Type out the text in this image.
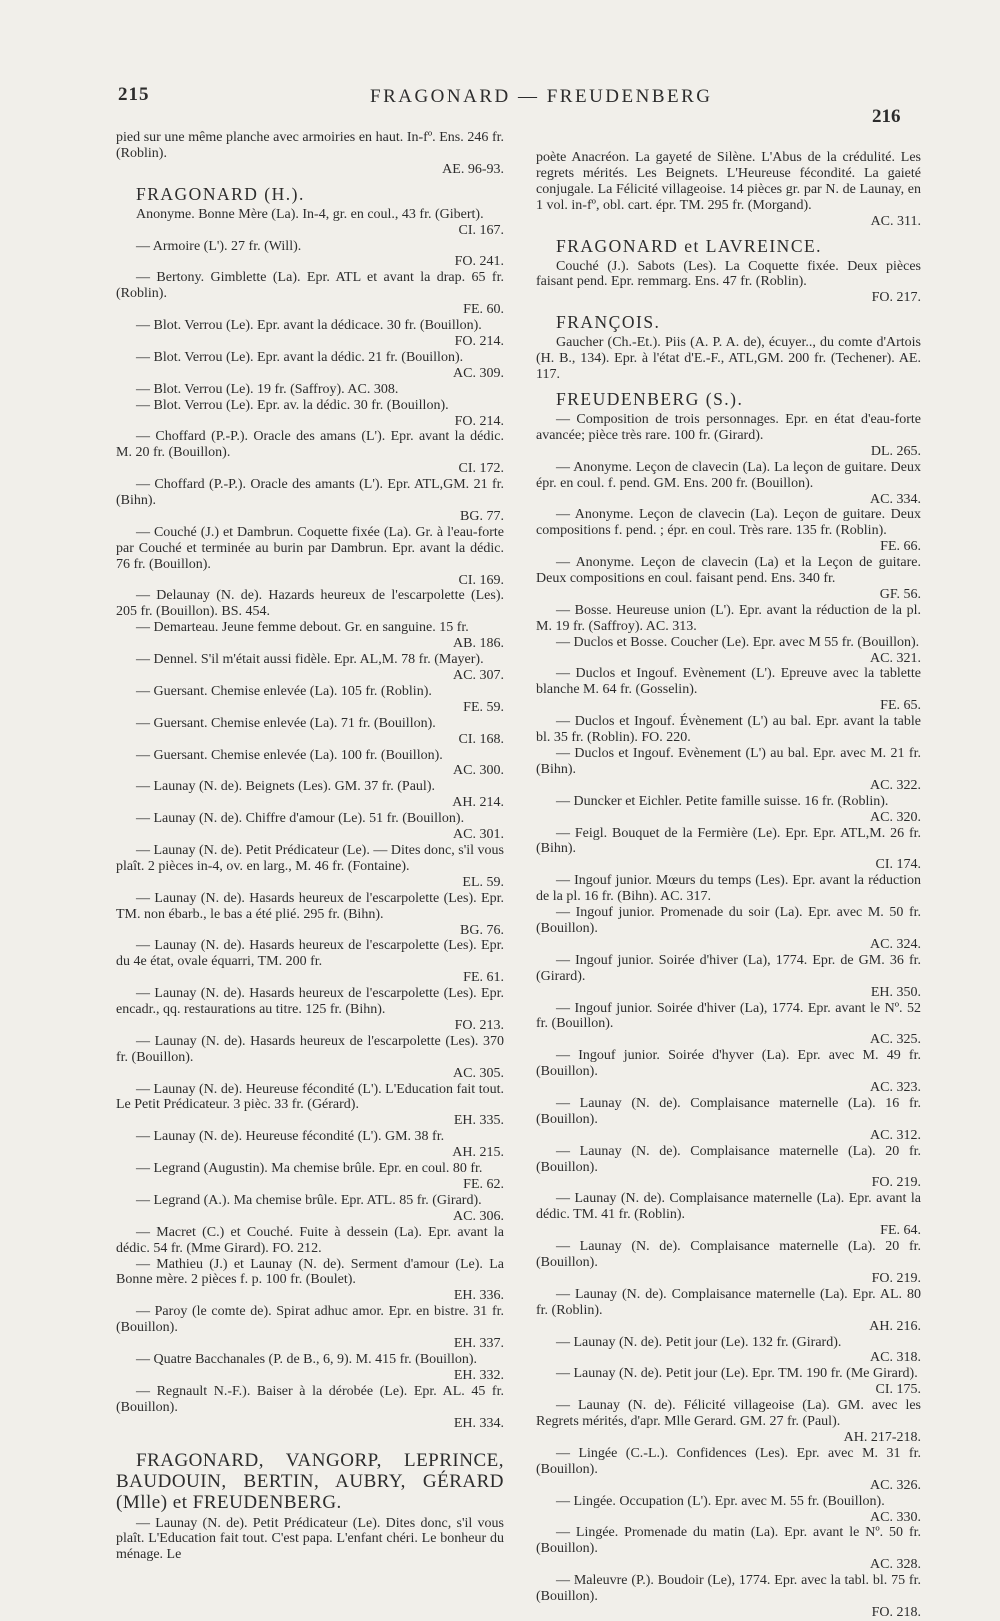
215	FRAGONARD — FREUDENBERG
216

pied sur une même planche avec armoiries en haut. In-fº. Ens. 246 fr. (Roblin).
AE. 96-93.

FRAGONARD (H.).

Anonyme. Bonne Mère (La). In-4, gr. en coul., 43 fr. (Gibert).
CI. 167.

— Armoire (L'). 27 fr. (Will).
FO. 241.

— Bertony. Gimblette (La). Epr. ATL et avant la drap. 65 fr. (Roblin).
FE. 60.

— Blot. Verrou (Le). Epr. avant la dédicace. 30 fr. (Bouillon).
FO. 214.

— Blot. Verrou (Le). Epr. avant la dédic. 21 fr. (Bouillon).
AC. 309.

— Blot. Verrou (Le). 19 fr. (Saffroy). AC. 308.

— Blot. Verrou (Le). Epr. av. la dédic. 30 fr. (Bouillon).
FO. 214.

— Choffard (P.-P.). Oracle des amans (L'). Epr. avant la dédic. M. 20 fr. (Bouillon).
CI. 172.

— Choffard (P.-P.). Oracle des amants (L'). Epr. ATL,GM. 21 fr. (Bihn).
BG. 77.

— Couché (J.) et Dambrun. Coquette fixée (La). Gr. à l'eau-forte par Couché et terminée au burin par Dambrun. Epr. avant la dédic. 76 fr. (Bouillon).
CI. 169.

— Delaunay (N. de). Hazards heureux de l'escarpolette (Les). 205 fr. (Bouillon). BS. 454.

— Demarteau. Jeune femme debout. Gr. en sanguine. 15 fr.
AB. 186.

— Dennel. S'il m'était aussi fidèle. Epr. AL,M. 78 fr. (Mayer).
AC. 307.

— Guersant. Chemise enlevée (La). 105 fr. (Roblin).
FE. 59.

— Guersant. Chemise enlevée (La). 71 fr. (Bouillon).
CI. 168.

— Guersant. Chemise enlevée (La). 100 fr. (Bouillon).
AC. 300.

— Launay (N. de). Beignets (Les). GM. 37 fr. (Paul).
AH. 214.

— Launay (N. de). Chiffre d'amour (Le). 51 fr. (Bouillon).
AC. 301.

— Launay (N. de). Petit Prédicateur (Le). — Dites donc, s'il vous plaît. 2 pièces in-4, ov. en larg., M. 46 fr. (Fontaine).
EL. 59.

— Launay (N. de). Hasards heureux de l'escarpolette (Les). Epr. TM. non ébarb., le bas a été plié. 295 fr. (Bihn).
BG. 76.

— Launay (N. de). Hasards heureux de l'escarpolette (Les). Epr. du 4e état, ovale équarri, TM. 200 fr.
FE. 61.

— Launay (N. de). Hasards heureux de l'escarpolette (Les). Epr. encadr., qq. restaurations au titre. 125 fr. (Bihn).
FO. 213.

— Launay (N. de). Hasards heureux de l'escarpolette (Les). 370 fr. (Bouillon).
AC. 305.

— Launay (N. de). Heureuse fécondité (L'). L'Education fait tout. Le Petit Prédicateur. 3 pièc. 33 fr. (Gérard).
EH. 335.

— Launay (N. de). Heureuse fécondité (L'). GM. 38 fr.
AH. 215.

— Legrand (Augustin). Ma chemise brûle. Epr. en coul. 80 fr.
FE. 62.

— Legrand (A.). Ma chemise brûle. Epr. ATL. 85 fr. (Girard).
AC. 306.

— Macret (C.) et Couché. Fuite à dessein (La). Epr. avant la dédic. 54 fr. (Mme Girard). FO. 212.

— Mathieu (J.) et Launay (N. de). Serment d'amour (Le). La Bonne mère. 2 pièces f. p. 100 fr. (Boulet).
EH. 336.

— Paroy (le comte de). Spirat adhuc amor. Epr. en bistre. 31 fr. (Bouillon).
EH. 337.

— Quatre Bacchanales (P. de B., 6, 9). M. 415 fr. (Bouillon).
EH. 332.

— Regnault N.-F.). Baiser à la dérobée (Le). Epr. AL. 45 fr. (Bouillon).
EH. 334.

FRAGONARD, VANGORP, LEPRINCE, BAUDOUIN, BERTIN, AUBRY, GÉRARD (Mlle) et FREUDENBERG.

— Launay (N. de). Petit Prédicateur (Le). Dites donc, s'il vous plaît. L'Education fait tout. C'est papa. L'enfant chéri. Le bonheur du ménage. Le

poète Anacréon. La gayeté de Silène. L'Abus de la crédulité. Les regrets mérités. Les Beignets. L'Heureuse fécondité. La gaieté conjugale. La Félicité villageoise. 14 pièces gr. par N. de Launay, en 1 vol. in-fº, obl. cart. épr. TM. 295 fr. (Morgand).
AC. 311.

FRAGONARD et LAVREINCE.

Couché (J.). Sabots (Les). La Coquette fixée. Deux pièces faisant pend. Epr. remmarg. Ens. 47 fr. (Roblin).
FO. 217.

FRANÇOIS.

Gaucher (Ch.-Et.). Piis (A. P. A. de), écuyer.., du comte d'Artois (H. B., 134). Epr. à l'état d'E.-F., ATL,GM. 200 fr. (Techener). AE. 117.

FREUDENBERG (S.).

— Composition de trois personnages. Epr. en état d'eau-forte avancée; pièce très rare. 100 fr. (Girard).
DL. 265.

— Anonyme. Leçon de clavecin (La). La leçon de guitare. Deux épr. en coul. f. pend. GM. Ens. 200 fr. (Bouillon).
AC. 334.

— Anonyme. Leçon de clavecin (La). Leçon de guitare. Deux compositions f. pend. ; épr. en coul. Très rare. 135 fr. (Roblin).
FE. 66.

— Anonyme. Leçon de clavecin (La) et la Leçon de guitare. Deux compositions en coul. faisant pend. Ens. 340 fr.
GF. 56.

— Bosse. Heureuse union (L'). Epr. avant la réduction de la pl. M. 19 fr. (Saffroy). AC. 313.

— Duclos et Bosse. Coucher (Le). Epr. avec M 55 fr. (Bouillon).
AC. 321.

— Duclos et Ingouf. Evènement (L'). Epreuve avec la tablette blanche M. 64 fr. (Gosselin).
FE. 65.

— Duclos et Ingouf. Évènement (L') au bal. Epr. avant la table bl. 35 fr. (Roblin). FO. 220.

— Duclos et Ingouf. Evènement (L') au bal. Epr. avec M. 21 fr. (Bihn).
AC. 322.

— Duncker et Eichler. Petite famille suisse. 16 fr. (Roblin).
AC. 320.

— Feigl. Bouquet de la Fermière (Le). Epr. Epr. ATL,M. 26 fr. (Bihn).
CI. 174.

— Ingouf junior. Mœurs du temps (Les). Epr. avant la réduction de la pl. 16 fr. (Bihn). AC. 317.

— Ingouf junior. Promenade du soir (La). Epr. avec M. 50 fr. (Bouillon).
AC. 324.

— Ingouf junior. Soirée d'hiver (La), 1774. Epr. de GM. 36 fr. (Girard).
EH. 350.

— Ingouf junior. Soirée d'hiver (La), 1774. Epr. avant le Nº. 52 fr. (Bouillon).
AC. 325.

— Ingouf junior. Soirée d'hyver (La). Epr. avec M. 49 fr. (Bouillon).
AC. 323.

— Launay (N. de). Complaisance maternelle (La). 16 fr. (Bouillon).
AC. 312.

— Launay (N. de). Complaisance maternelle (La). 20 fr. (Bouillon).
FO. 219.

— Launay (N. de). Complaisance maternelle (La). Epr. avant la dédic. TM. 41 fr. (Roblin).
FE. 64.

— Launay (N. de). Complaisance maternelle (La). 20 fr. (Bouillon).
FO. 219.

— Launay (N. de). Complaisance maternelle (La). Epr. AL. 80 fr. (Roblin).
AH. 216.

— Launay (N. de). Petit jour (Le). 132 fr. (Girard).
AC. 318.

— Launay (N. de). Petit jour (Le). Epr. TM. 190 fr. (Me Girard).
CI. 175.

— Launay (N. de). Félicité villageoise (La). GM. avec les Regrets mérités, d'apr. Mlle Gerard. GM. 27 fr. (Paul).
AH. 217-218.

— Lingée (C.-L.). Confidences (Les). Epr. avec M. 31 fr. (Bouillon).
AC. 326.

— Lingée. Occupation (L'). Epr. avec M. 55 fr. (Bouillon).
AC. 330.

— Lingée. Promenade du matin (La). Epr. avant le Nº. 50 fr. (Bouillon).
AC. 328.

— Maleuvre (P.). Boudoir (Le), 1774. Epr. avec la tabl. bl. 75 fr. (Bouillon).
FO. 218.
